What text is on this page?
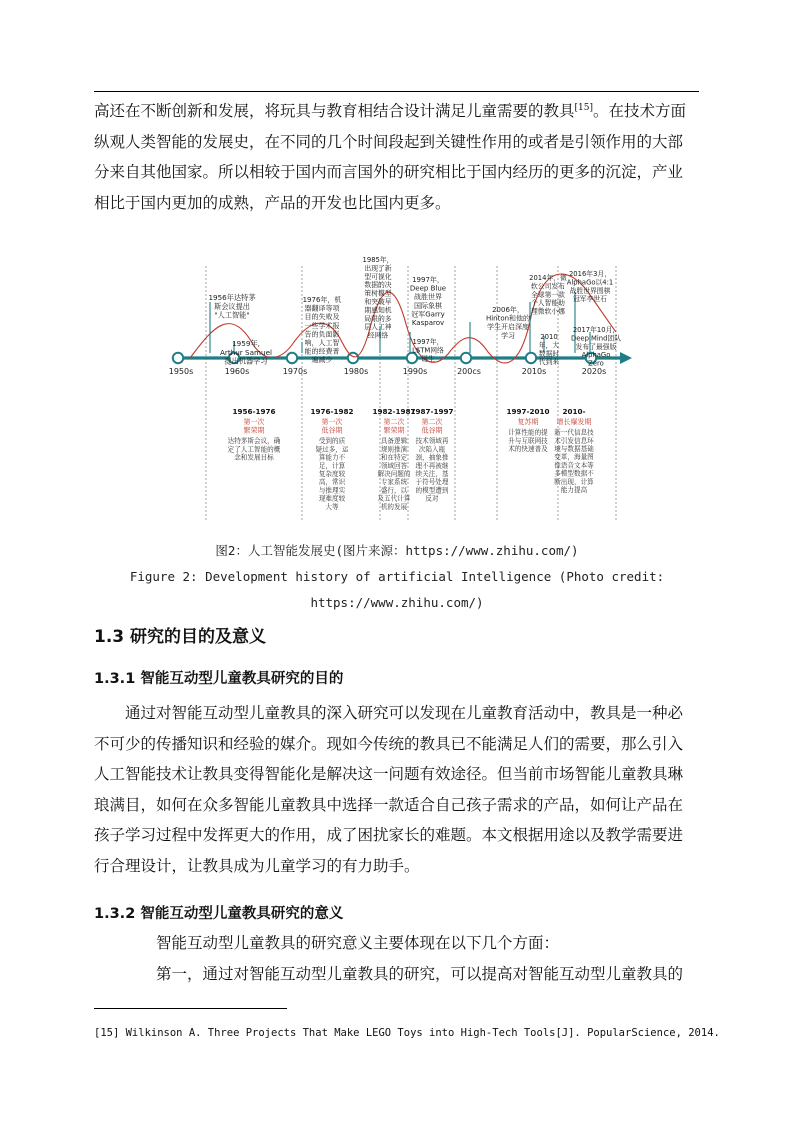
高还在不断创新和发展，将玩具与教育相结合设计满足儿童需要的教具[15]。在技术方面
纵观人类智能的发展史，在不同的几个时间段起到关键性作用的或者是引领作用的大部
分来自其他国家。所以相较于国内而言国外的研究相比于国内经历的更多的沉淀，产业
相比于国内更加的成熟，产品的开发也比国内更多。
1950s	1960s	1970s	1980s	1990s	200cs	2010s	2020s
1956年达特茅斯会议提出"人工智能"
1959年, Arthur Samuel 提出机器学习
1976年，机器翻译等项目的失败及一些学术报告的负面影响，人工智能的经费普遍减少
1985年，出现了新型可视化数据的决策树模型和突破早期感知机局限的多层人工神经网络
1997年， Deep Blue 战胜世界国际象棋冠军Garry Kasparov
1997年， LSTM网络诞生
2006年， Hinton和他的学生开启深度学习
2014年，微软公司发布全球第一款个人智能助理微软小娜
2010 年，大数据时代到来
2016年3月， AlphaGo以4:1 战胜世界围棋冠军李世石
2017年10月， Deep Mind团队发布了最强版 AlphaGo Zero
1956-1976
第一次繁荣期
达特茅斯会议，确定了人工智能的概念和发展目标
1976-1982
第一次低谷期
受到的质疑过多，运算能力不足，计算复杂度较高，常识与推理实现难度较大等
1982-1987
第二次繁荣期
具备逻辑规则推演和在特定领域回答解决问题的专家系统盛行，以及五代计算机的发展
1987-1997
第二次低谷期
技术领域再次陷入瓶颈，抽象推理不再被继续关注，基于符号处理的模型遭到反对
1997-2010
复苏期
计算性能的提升与互联网技术的快速普及
2010-
增长爆发期
新一代信息技术引发信息环境与数据基础变革，海量图像语音文本等多模型数据不断出现，计算能力提高
图2：人工智能发展史(图片来源：https://www.zhihu.com/)
Figure 2: Development history of artificial Intelligence (Photo credit:
https://www.zhihu.com/)
1.3 研究的目的及意义
1.3.1 智能互动型儿童教具研究的目的
通过对智能互动型儿童教具的深入研究可以发现在儿童教育活动中，教具是一种必
不可少的传播知识和经验的媒介。现如今传统的教具已不能满足人们的需要，那么引入
人工智能技术让教具变得智能化是解决这一问题有效途径。但当前市场智能儿童教具琳
琅满目，如何在众多智能儿童教具中选择一款适合自己孩子需求的产品，如何让产品在
孩子学习过程中发挥更大的作用，成了困扰家长的难题。本文根据用途以及教学需要进
行合理设计，让教具成为儿童学习的有力助手。
1.3.2 智能互动型儿童教具研究的意义
智能互动型儿童教具的研究意义主要体现在以下几个方面：
第一，通过对智能互动型儿童教具的研究，可以提高对智能互动型儿童教具的
[15] Wilkinson A. Three Projects That Make LEGO Toys into High-Tech Tools[J]. PopularScience, 2014.
